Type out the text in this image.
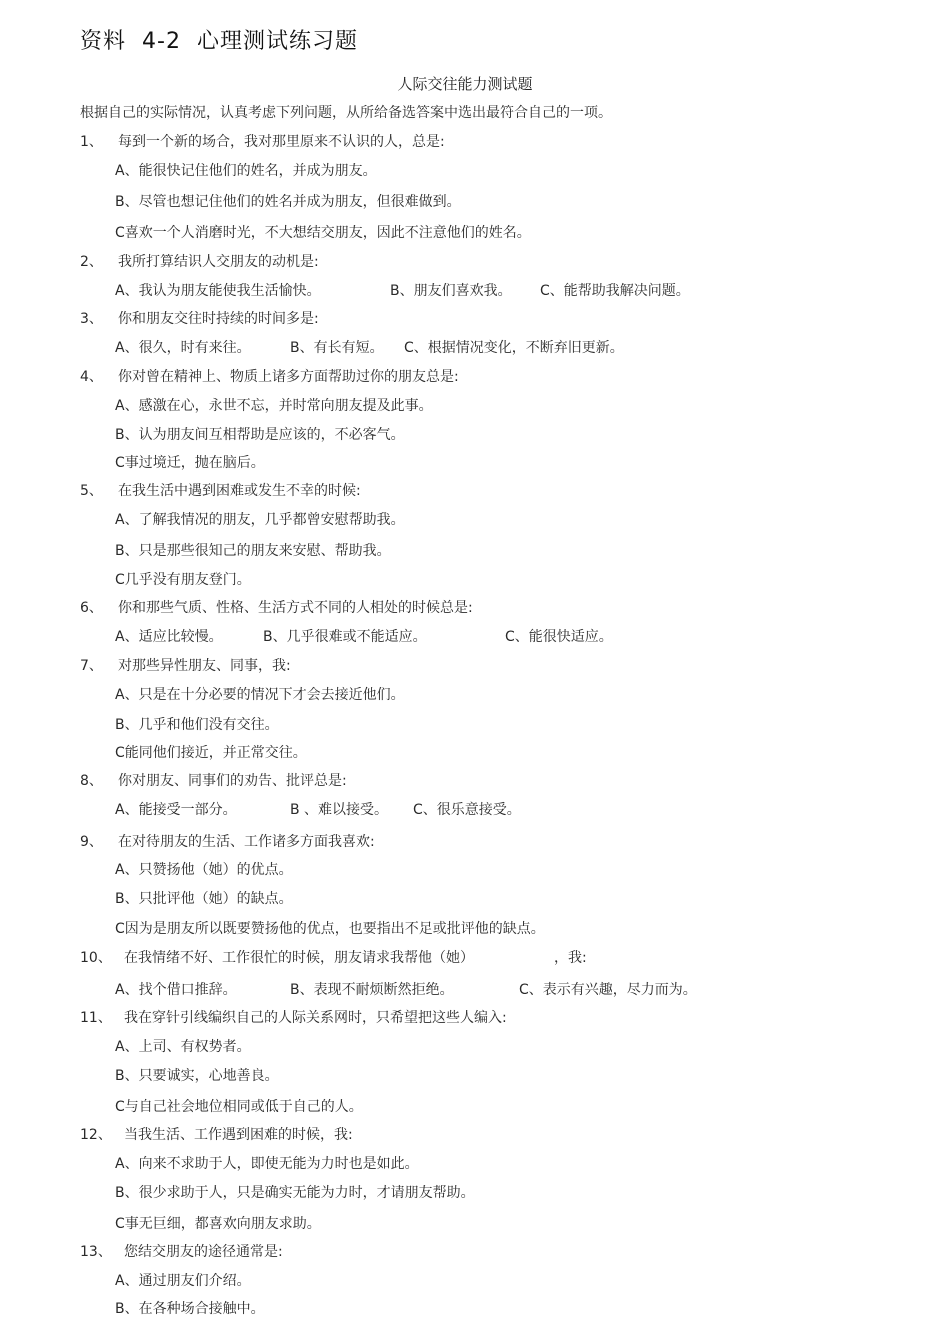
资料 4-2 心理测试练习题
人际交往能力测试题
根据自己的实际情况，认真考虑下列问题，从所给备选答案中选出最符合自己的一项。
1、 每到一个新的场合，我对那里原来不认识的人，总是:
A、能很快记住他们的姓名，并成为朋友。
B、尽管也想记住他们的姓名并成为朋友，但很难做到。
C喜欢一个人消磨时光，不大想结交朋友，因此不注意他们的姓名。
2、 我所打算结识人交朋友的动机是:
A、我认为朋友能使我生活愉快。	B、朋友们喜欢我。 C、能帮助我解决问题。
3、 你和朋友交往时持续的时间多是:
A、很久，时有来往。	B、有长有短。 C、根据情况变化，不断弃旧更新。
4、 你对曾在精神上、物质上诸多方面帮助过你的朋友总是:
A、感激在心，永世不忘，并时常向朋友提及此事。
B、认为朋友间互相帮助是应该的，不必客气。
C事过境迁，抛在脑后。
5、 在我生活中遇到困难或发生不幸的时候:
A、了解我情况的朋友，几乎都曾安慰帮助我。
B、只是那些很知己的朋友来安慰、帮助我。
C几乎没有朋友登门。
6、 你和那些气质、性格、生活方式不同的人相处的时候总是:
A、适应比较慢。	B、几乎很难或不能适应。	C、能很快适应。
7、 对那些异性朋友、同事，我:
A、只是在十分必要的情况下才会去接近他们。
B、几乎和他们没有交往。
C能同他们接近，并正常交往。
8、 你对朋友、同事们的劝告、批评总是:
A、能接受一部分。	B 、难以接受。 C、很乐意接受。
9、 在对待朋友的生活、工作诸多方面我喜欢:
A、只赞扬他（她）的优点。
B、只批评他（她）的缺点。
C因为是朋友所以既要赞扬他的优点，也要指出不足或批评他的缺点。
10、 在我情绪不好、工作很忙的时候，朋友请求我帮他（她）	，我:
A、找个借口推辞。	B、表现不耐烦断然拒绝。	C、表示有兴趣，尽力而为。
11、 我在穿针引线编织自己的人际关系网时，只希望把这些人编入:
A、上司、有权势者。
B、只要诚实，心地善良。
C与自己社会地位相同或低于自己的人。
12、 当我生活、工作遇到困难的时候，我:
A、向来不求助于人，即使无能为力时也是如此。
B、很少求助于人，只是确实无能为力时，才请朋友帮助。
C事无巨细，都喜欢向朋友求助。
13、 您结交朋友的途径通常是:
A、通过朋友们介绍。
B、在各种场合接触中。
